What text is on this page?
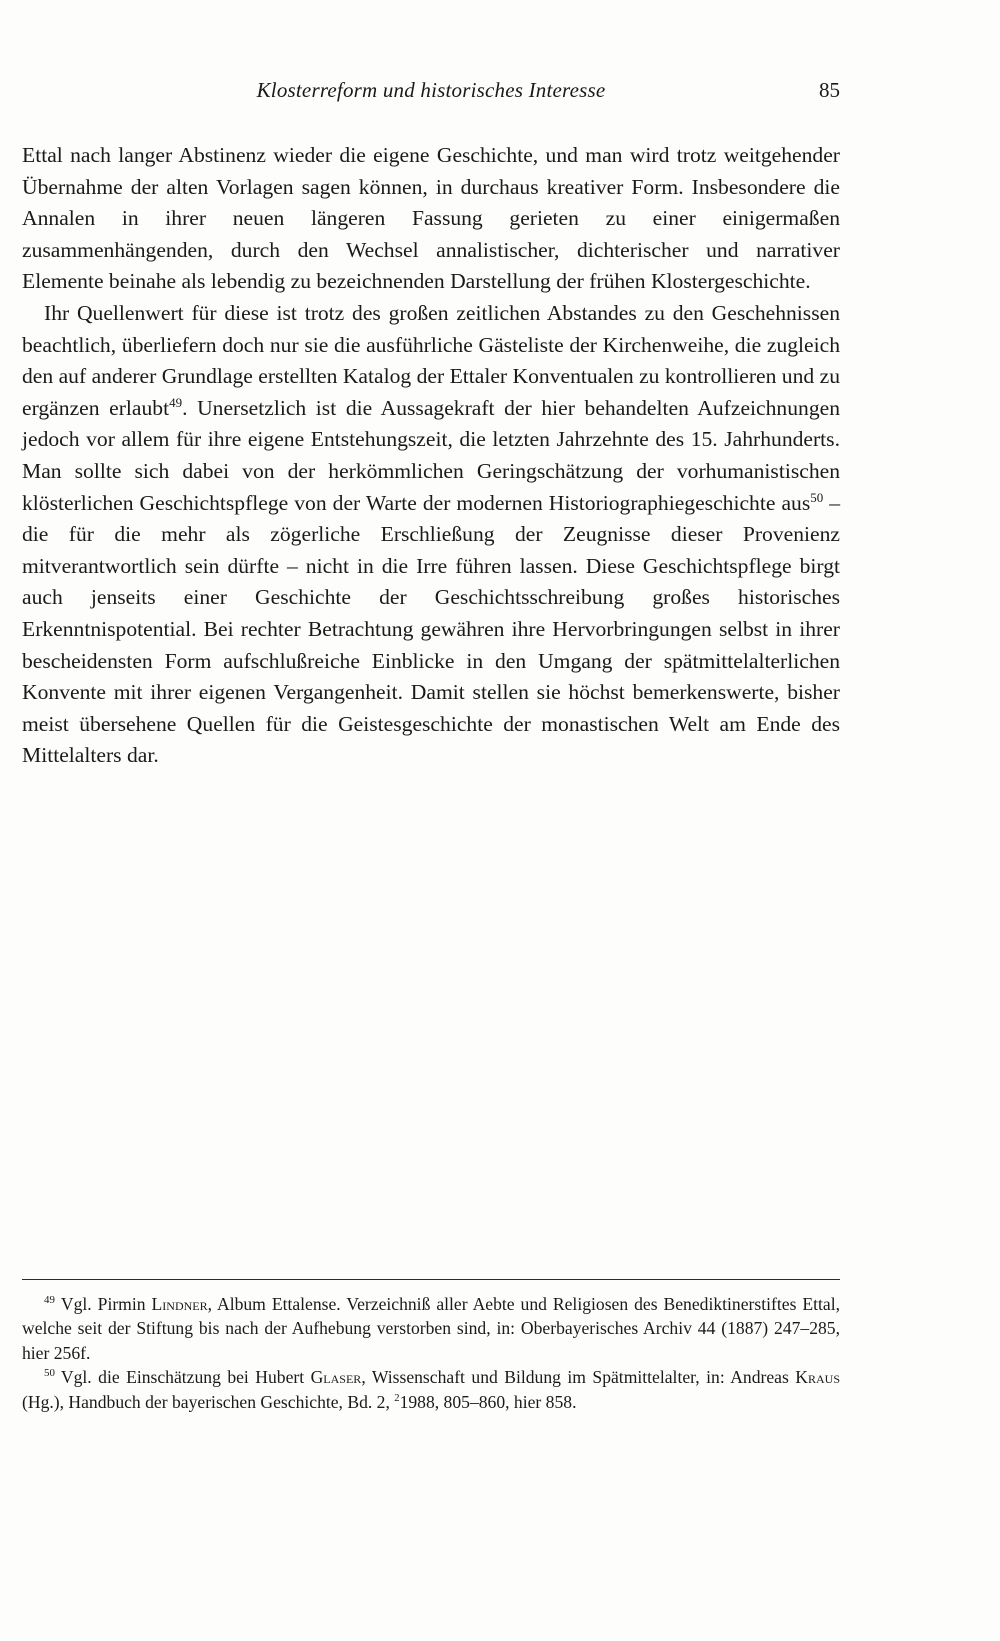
Klosterreform und historisches Interesse	85

Ettal nach langer Abstinenz wieder die eigene Geschichte, und man wird trotz weitgehender Übernahme der alten Vorlagen sagen können, in durchaus kreativer Form. Insbesondere die Annalen in ihrer neuen längeren Fassung gerieten zu einer einigermaßen zusammenhängenden, durch den Wechsel annalistischer, dichterischer und narrativer Elemente beinahe als lebendig zu bezeichnenden Darstellung der frühen Klostergeschichte.

Ihr Quellenwert für diese ist trotz des großen zeitlichen Abstandes zu den Geschehnissen beachtlich, überliefern doch nur sie die ausführliche Gästeliste der Kirchenweihe, die zugleich den auf anderer Grundlage erstellten Katalog der Ettaler Konventualen zu kontrollieren und zu ergänzen erlaubt$^{49}$. Unersetzlich ist die Aussagekraft der hier behandelten Aufzeichnungen jedoch vor allem für ihre eigene Entstehungszeit, die letzten Jahrzehnte des 15. Jahrhunderts. Man sollte sich dabei von der herkömmlichen Geringschätzung der vorhumanistischen klösterlichen Geschichtspflege von der Warte der modernen Historiographiegeschichte aus$^{50}$ – die für die mehr als zögerliche Erschließung der Zeugnisse dieser Provenienz mitverantwortlich sein dürfte – nicht in die Irre führen lassen. Diese Geschichtspflege birgt auch jenseits einer Geschichte der Geschichtsschreibung großes historisches Erkenntnispotential. Bei rechter Betrachtung gewähren ihre Hervorbringungen selbst in ihrer bescheidensten Form aufschlußreiche Einblicke in den Umgang der spätmittelalterlichen Konvente mit ihrer eigenen Vergangenheit. Damit stellen sie höchst bemerkenswerte, bisher meist übersehene Quellen für die Geistesgeschichte der monastischen Welt am Ende des Mittelalters dar.

$^{49}$ Vgl. Pirmin Lindner, Album Ettalense. Verzeichniß aller Aebte und Religiosen des Benediktinerstiftes Ettal, welche seit der Stiftung bis nach der Aufhebung verstorben sind, in: Oberbayerisches Archiv 44 (1887) 247–285, hier 256f.

$^{50}$ Vgl. die Einschätzung bei Hubert Glaser, Wissenschaft und Bildung im Spätmittelalter, in: Andreas Kraus (Hg.), Handbuch der bayerischen Geschichte, Bd. 2, $^2$1988, 805–860, hier 858.
